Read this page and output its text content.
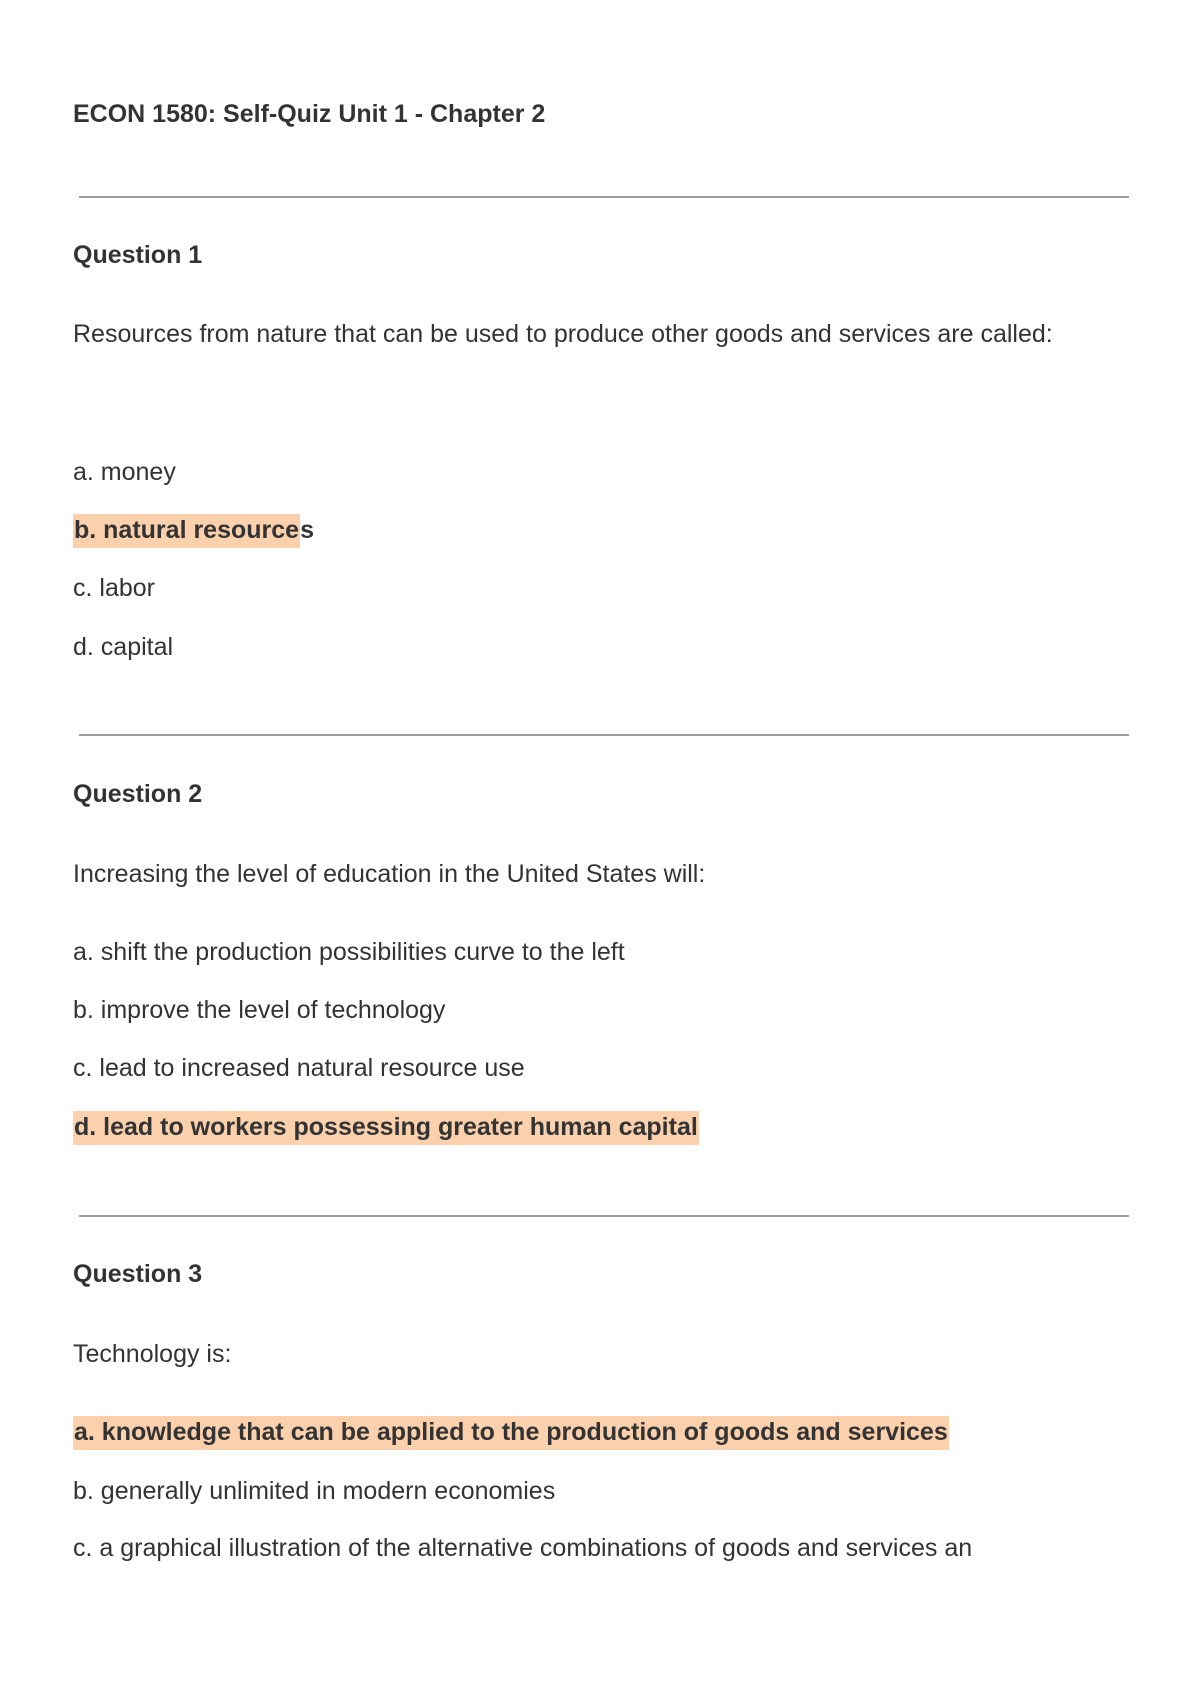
ECON 1580: Self-Quiz Unit 1 - Chapter 2
Question 1
Resources from nature that can be used to produce other goods and services are called:
a. money
b. natural resources
c. labor
d. capital
Question 2
Increasing the level of education in the United States will:
a. shift the production possibilities curve to the left
b. improve the level of technology
c. lead to increased natural resource use
d. lead to workers possessing greater human capital
Question 3
Technology is:
a. knowledge that can be applied to the production of goods and services
b. generally unlimited in modern economies
c. a graphical illustration of the alternative combinations of goods and services an
